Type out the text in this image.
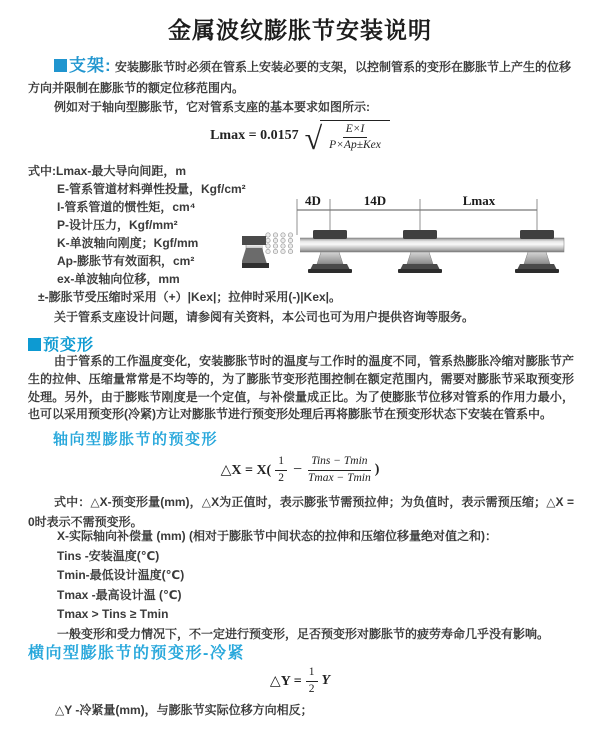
金属波纹膨胀节安装说明
支架: 安装膨胀节时必须在管系上安装必要的支架，以控制管系的变形在膨胀节上产生的位移方向并限制在膨胀节的额定位移范围内。
例如对于轴向型膨胀节，它对管系支座的基本要求如图所示:
Lmax = 0.0157 √ $\frac{E\times I}{\text{P×Ap±Kex}}$
式中:Lmax-最大导向间距，m
E-管系管道材料弹性投量，Kgf/cm²
I-管系管道的惯性矩，cm⁴
P-设计压力，Kgf/mm²
K-单波轴向刚度；Kgf/mm
Ap-膨胀节有效面积，cm²
ex-单波轴向位移，mm
±-膨胀节受压缩时采用（+）|Kex|；拉伸时采用(-)|Kex|。
关于管系支座设计问题，请参阅有关资料，本公司也可为用户提供咨询等服务。
4D	14D	Lmax
预变形
由于管系的工作温度变化，安装膨胀节时的温度与工作时的温度不同，管系热膨胀冷缩对膨胀节产生的拉伸、压缩量常常是不均等的，为了膨胀节变形范围控制在额定范围内，需要对膨胀节采取预变形处理。另外，由于膨账节刚度是一个定值，与补偿量成正比。为了使膨胀节位移对管系的作用力最小，也可以采用预变形(冷紧)方让对膨胀节进行预变形处理后再将膨胀节在预变形状态下安装在管系中。
轴向型膨胀节的预变形
△X = $X( \frac{1}{2} - \frac{\text{Tins − Tmin}}{Tmax - Tmin}$ )
式中：△X-预变形量(mm)，△X为正值时，表示膨张节需预拉伸；为负值时，表示需预压缩；△X = 0时表示不需预变形。
X-实际轴向补偿量 (mm) (相对于膨胀节中间状态的拉伸和压缩位移量绝对值之和)：
Tins -安装温度(℃)
Tmin-最低设计温度(℃)
Tmax -最高设计温 (℃)
Tmax > Tins ≥ Tmin
一般变形和受力情况下，不一定进行预变形，足否预变形对膨胀节的疲劳寿命几乎没有影响。
横向型膨胀节的预变形-冷紧
△Y = $\frac{1}{2}$ Y
△Y -冷紧量(mm)，与膨胀节实际位移方向相反；
